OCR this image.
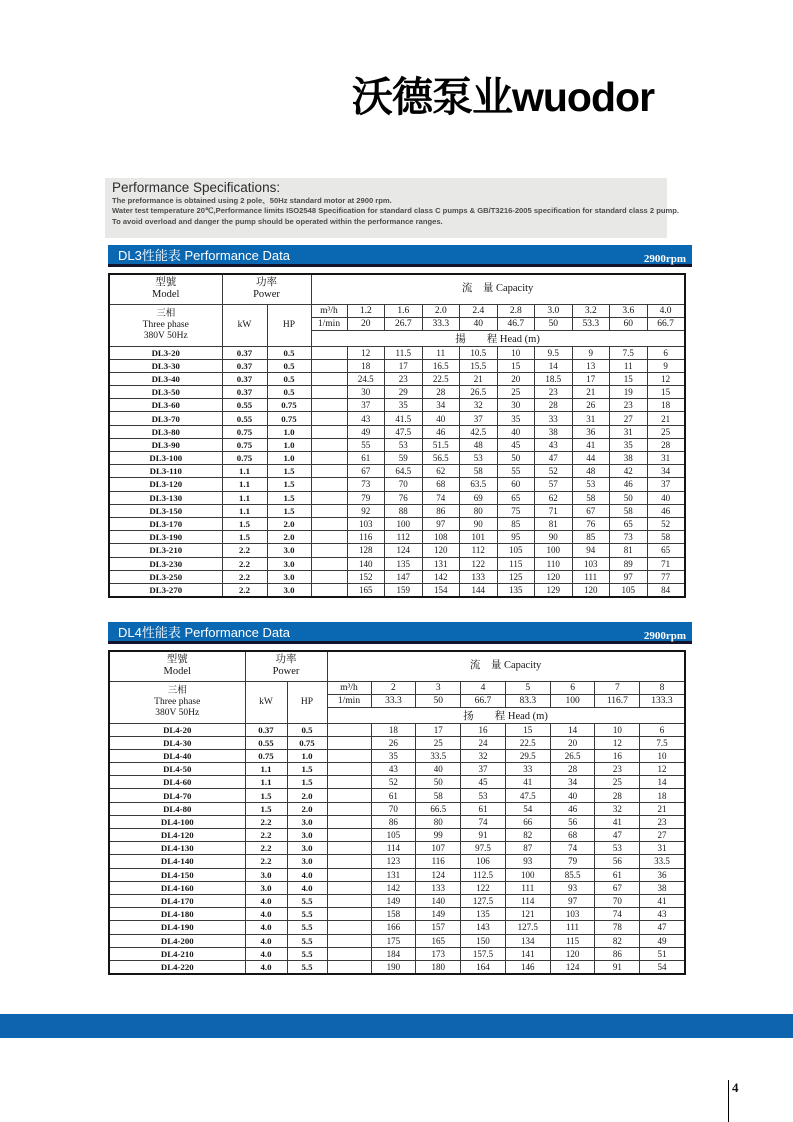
沃德泵业wuodor
Performance Specifications:
The preformance is obtained using 2 pole、50Hz standard motor at 2900 rpm.
Water test temperature 20℃,Performance limits ISO2548 Specification for standard class C pumps & GB/T3216-2005 specification for standard class 2 pump.
To avoid overload and danger the pump should be operated within the performance ranges.
DL3性能表 Performance Data	2900rpm
型號
Model	功率
Power		流　量 Capacity									
三相
Three phase
380V 50Hz	kW	HP	m³/h	1.2	1.6	2.0	2.4	2.8	3.0	3.2	3.6	4.0
			1/min	20	26.7	33.3	40	46.7	50	53.3	60	66.7
			揚　　程 Head (m)									
DL3-20	0.37	0.5		12	11.5	11	10.5	10	9.5	9	7.5	6
DL3-30	0.37	0.5		18	17	16.5	15.5	15	14	13	11	9
DL3-40	0.37	0.5		24.5	23	22.5	21	20	18.5	17	15	12
DL3-50	0.37	0.5		30	29	28	26.5	25	23	21	19	15
DL3-60	0.55	0.75		37	35	34	32	30	28	26	23	18
DL3-70	0.55	0.75		43	41.5	40	37	35	33	31	27	21
DL3-80	0.75	1.0		49	47.5	46	42.5	40	38	36	31	25
DL3-90	0.75	1.0		55	53	51.5	48	45	43	41	35	28
DL3-100	0.75	1.0		61	59	56.5	53	50	47	44	38	31
DL3-110	1.1	1.5		67	64.5	62	58	55	52	48	42	34
DL3-120	1.1	1.5		73	70	68	63.5	60	57	53	46	37
DL3-130	1.1	1.5		79	76	74	69	65	62	58	50	40
DL3-150	1.1	1.5		92	88	86	80	75	71	67	58	46
DL3-170	1.5	2.0		103	100	97	90	85	81	76	65	52
DL3-190	1.5	2.0		116	112	108	101	95	90	85	73	58
DL3-210	2.2	3.0		128	124	120	112	105	100	94	81	65
DL3-230	2.2	3.0		140	135	131	122	115	110	103	89	71
DL3-250	2.2	3.0		152	147	142	133	125	120	111	97	77
DL3-270	2.2	3.0		165	159	154	144	135	129	120	105	84
DL4性能表 Performance Data	2900rpm
型號
Model	功率
Power		流　量 Capacity							
三相
Three phase
380V 50Hz	kW	HP	m³/h	2	3	4	5	6	7	8
			1/min	33.3	50	66.7	83.3	100	116.7	133.3
			扬　　程 Head (m)							
DL4-20	0.37	0.5		18	17	16	15	14	10	6
DL4-30	0.55	0.75		26	25	24	22.5	20	12	7.5
DL4-40	0.75	1.0		35	33.5	32	29.5	26.5	16	10
DL4-50	1.1	1.5		43	40	37	33	28	23	12
DL4-60	1.1	1.5		52	50	45	41	34	25	14
DL4-70	1.5	2.0		61	58	53	47.5	40	28	18
DL4-80	1.5	2.0		70	66.5	61	54	46	32	21
DL4-100	2.2	3.0		86	80	74	66	56	41	23
DL4-120	2.2	3.0		105	99	91	82	68	47	27
DL4-130	2.2	3.0		114	107	97.5	87	74	53	31
DL4-140	2.2	3.0		123	116	106	93	79	56	33.5
DL4-150	3.0	4.0		131	124	112.5	100	85.5	61	36
DL4-160	3.0	4.0		142	133	122	111	93	67	38
DL4-170	4.0	5.5		149	140	127.5	114	97	70	41
DL4-180	4.0	5.5		158	149	135	121	103	74	43
DL4-190	4.0	5.5		166	157	143	127.5	111	78	47
DL4-200	4.0	5.5		175	165	150	134	115	82	49
DL4-210	4.0	5.5		184	173	157.5	141	120	86	51
DL4-220	4.0	5.5		190	180	164	146	124	91	54
4
